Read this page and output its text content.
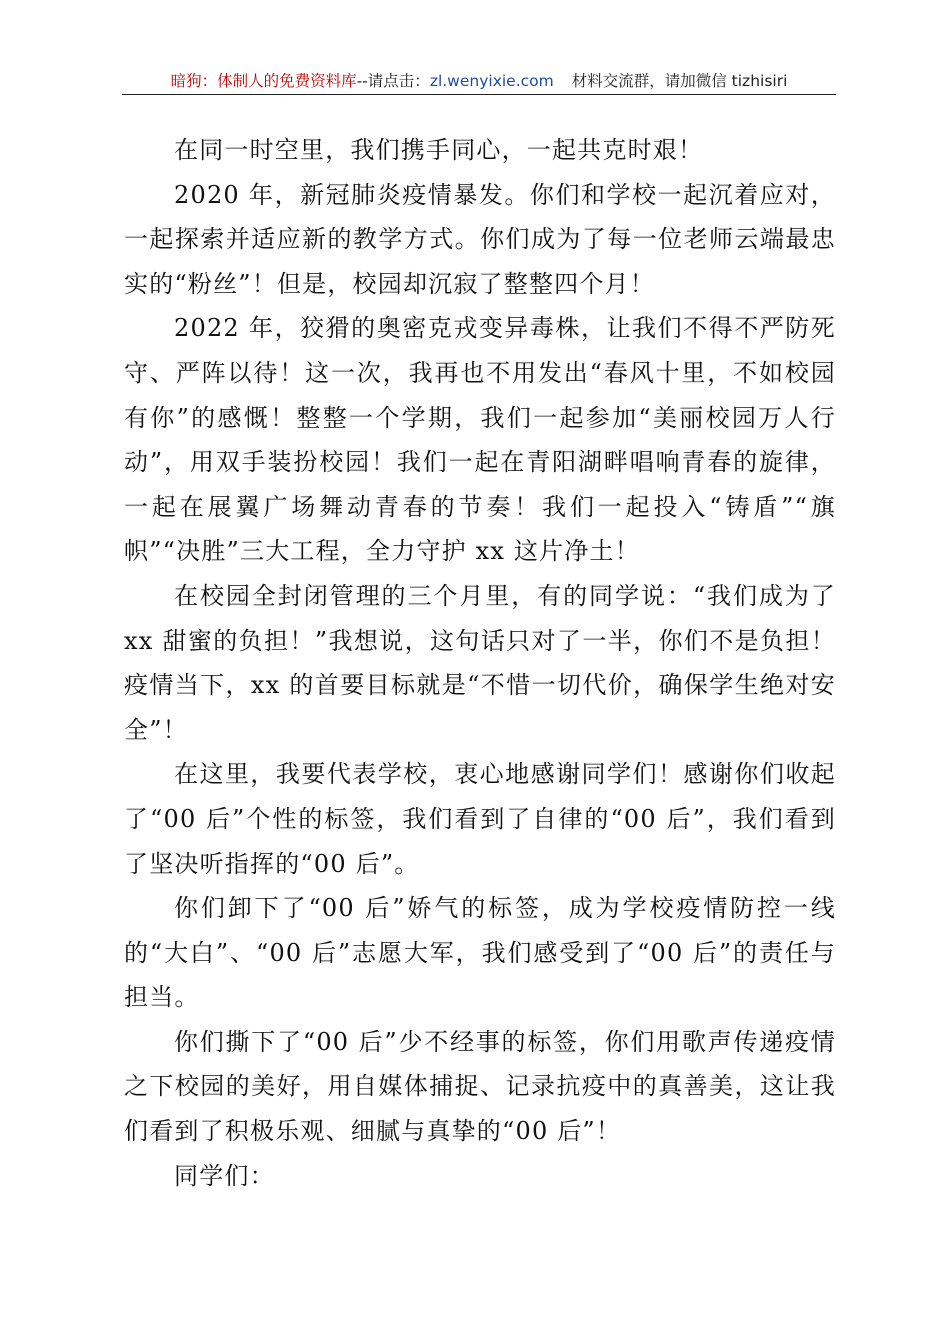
暗狗：体制人的免费资料库--请点击：zl.wenyixie.com 材料交流群，请加微信 tizhisiri

在同一时空里，我们携手同心，一起共克时艰！

2020 年，新冠肺炎疫情暴发。你们和学校一起沉着应对，一起探索并适应新的教学方式。你们成为了每一位老师云端最忠实的“粉丝”！但是，校园却沉寂了整整四个月！

2022 年，狡猾的奥密克戎变异毒株，让我们不得不严防死守、严阵以待！这一次，我再也不用发出“春风十里，不如校园有你”的感慨！整整一个学期，我们一起参加“美丽校园万人行动”，用双手装扮校园！我们一起在青阳湖畔唱响青春的旋律，一起在展翼广场舞动青春的节奏！我们一起投入“铸盾”“旗帜”“决胜”三大工程，全力守护 xx 这片净土！

在校园全封闭管理的三个月里，有的同学说：“我们成为了 xx 甜蜜的负担！”我想说，这句话只对了一半，你们不是负担！疫情当下，xx 的首要目标就是“不惜一切代价，确保学生绝对安全”！

在这里，我要代表学校，衷心地感谢同学们！感谢你们收起了“00 后”个性的标签，我们看到了自律的“00 后”，我们看到了坚决听指挥的“00 后”。

你们卸下了“00 后”娇气的标签，成为学校疫情防控一线的“大白”、“00 后”志愿大军，我们感受到了“00 后”的责任与担当。

你们撕下了“00 后”少不经事的标签，你们用歌声传递疫情之下校园的美好，用自媒体捕捉、记录抗疫中的真善美，这让我们看到了积极乐观、细腻与真挚的“00 后”！

同学们：
